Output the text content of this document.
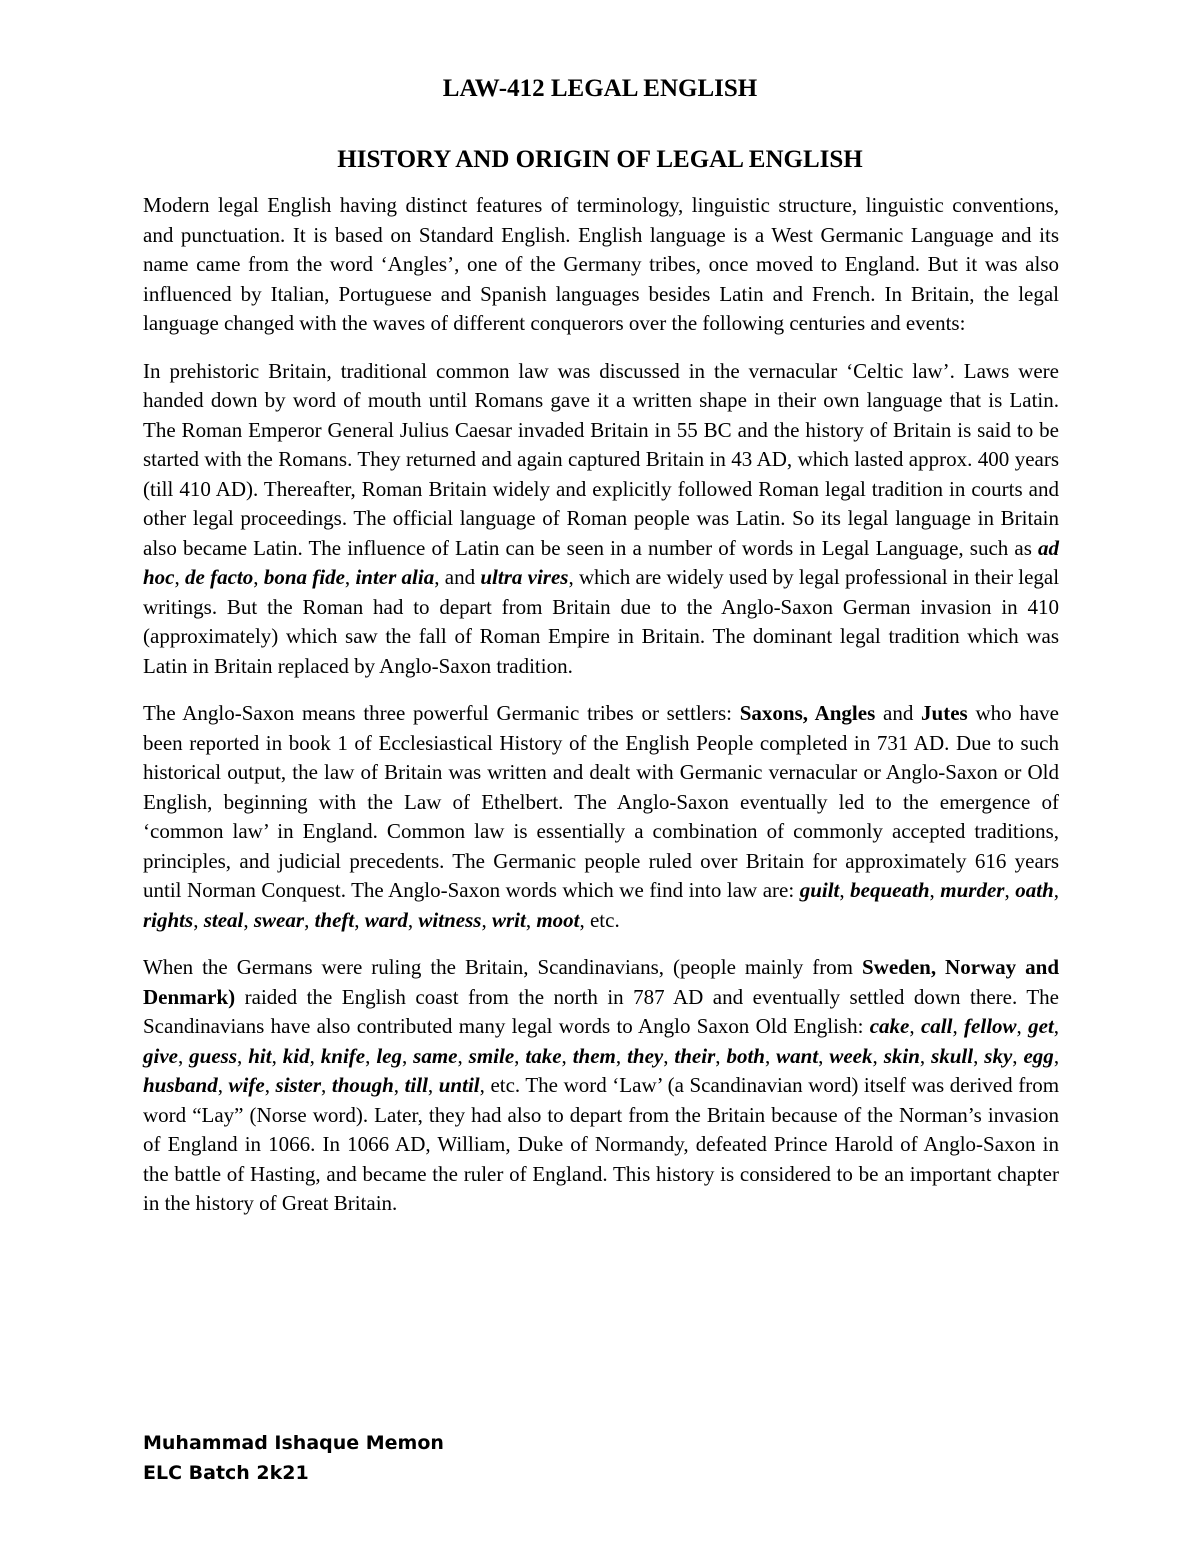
LAW-412 LEGAL ENGLISH
HISTORY AND ORIGIN OF LEGAL ENGLISH

Modern legal English having distinct features of terminology, linguistic structure, linguistic conventions, and punctuation. It is based on Standard English. English language is a West Germanic Language and its name came from the word ‘Angles’, one of the Germany tribes, once moved to England. But it was also influenced by Italian, Portuguese and Spanish languages besides Latin and French. In Britain, the legal language changed with the waves of different conquerors over the following centuries and events:

In prehistoric Britain, traditional common law was discussed in the vernacular ‘Celtic law’. Laws were handed down by word of mouth until Romans gave it a written shape in their own language that is Latin. The Roman Emperor General Julius Caesar invaded Britain in 55 BC and the history of Britain is said to be started with the Romans. They returned and again captured Britain in 43 AD, which lasted approx. 400 years (till 410 AD). Thereafter, Roman Britain widely and explicitly followed Roman legal tradition in courts and other legal proceedings. The official language of Roman people was Latin. So its legal language in Britain also became Latin. The influence of Latin can be seen in a number of words in Legal Language, such as ad hoc, de facto, bona fide, inter alia, and ultra vires, which are widely used by legal professional in their legal writings. But the Roman had to depart from Britain due to the Anglo-Saxon German invasion in 410 (approximately) which saw the fall of Roman Empire in Britain. The dominant legal tradition which was Latin in Britain replaced by Anglo-Saxon tradition.

The Anglo-Saxon means three powerful Germanic tribes or settlers: Saxons, Angles and Jutes who have been reported in book 1 of Ecclesiastical History of the English People completed in 731 AD. Due to such historical output, the law of Britain was written and dealt with Germanic vernacular or Anglo-Saxon or Old English, beginning with the Law of Ethelbert. The Anglo-Saxon eventually led to the emergence of ‘common law’ in England. Common law is essentially a combination of commonly accepted traditions, principles, and judicial precedents. The Germanic people ruled over Britain for approximately 616 years until Norman Conquest. The Anglo-Saxon words which we find into law are: guilt, bequeath, murder, oath, rights, steal, swear, theft, ward, witness, writ, moot, etc.

When the Germans were ruling the Britain, Scandinavians, (people mainly from Sweden, Norway and Denmark) raided the English coast from the north in 787 AD and eventually settled down there. The Scandinavians have also contributed many legal words to Anglo Saxon Old English: cake, call, fellow, get, give, guess, hit, kid, knife, leg, same, smile, take, them, they, their, both, want, week, skin, skull, sky, egg, husband, wife, sister, though, till, until, etc. The word ‘Law’ (a Scandinavian word) itself was derived from word “Lay” (Norse word). Later, they had also to depart from the Britain because of the Norman’s invasion of England in 1066. In 1066 AD, William, Duke of Normandy, defeated Prince Harold of Anglo-Saxon in the battle of Hasting, and became the ruler of England. This history is considered to be an important chapter in the history of Great Britain.

Muhammad Ishaque Memon
ELC Batch 2k21
